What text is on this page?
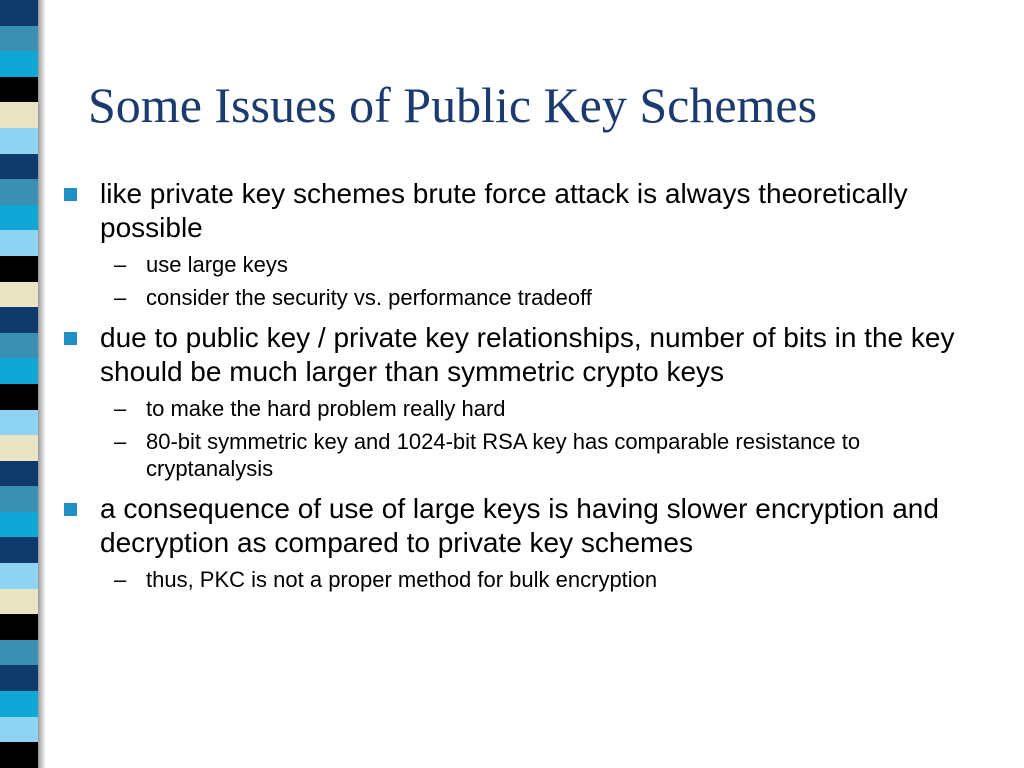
Some Issues of Public Key Schemes
like private key schemes brute force attack is always theoretically possible
– use large keys
– consider the security vs. performance tradeoff
due to public key / private key relationships, number of bits in the key should be much larger than symmetric crypto keys
– to make the hard problem really hard
– 80-bit symmetric key and 1024-bit RSA key has comparable resistance to cryptanalysis
a consequence of use of large keys is having slower encryption and decryption as compared to private key schemes
– thus, PKC is not a proper method for bulk encryption
